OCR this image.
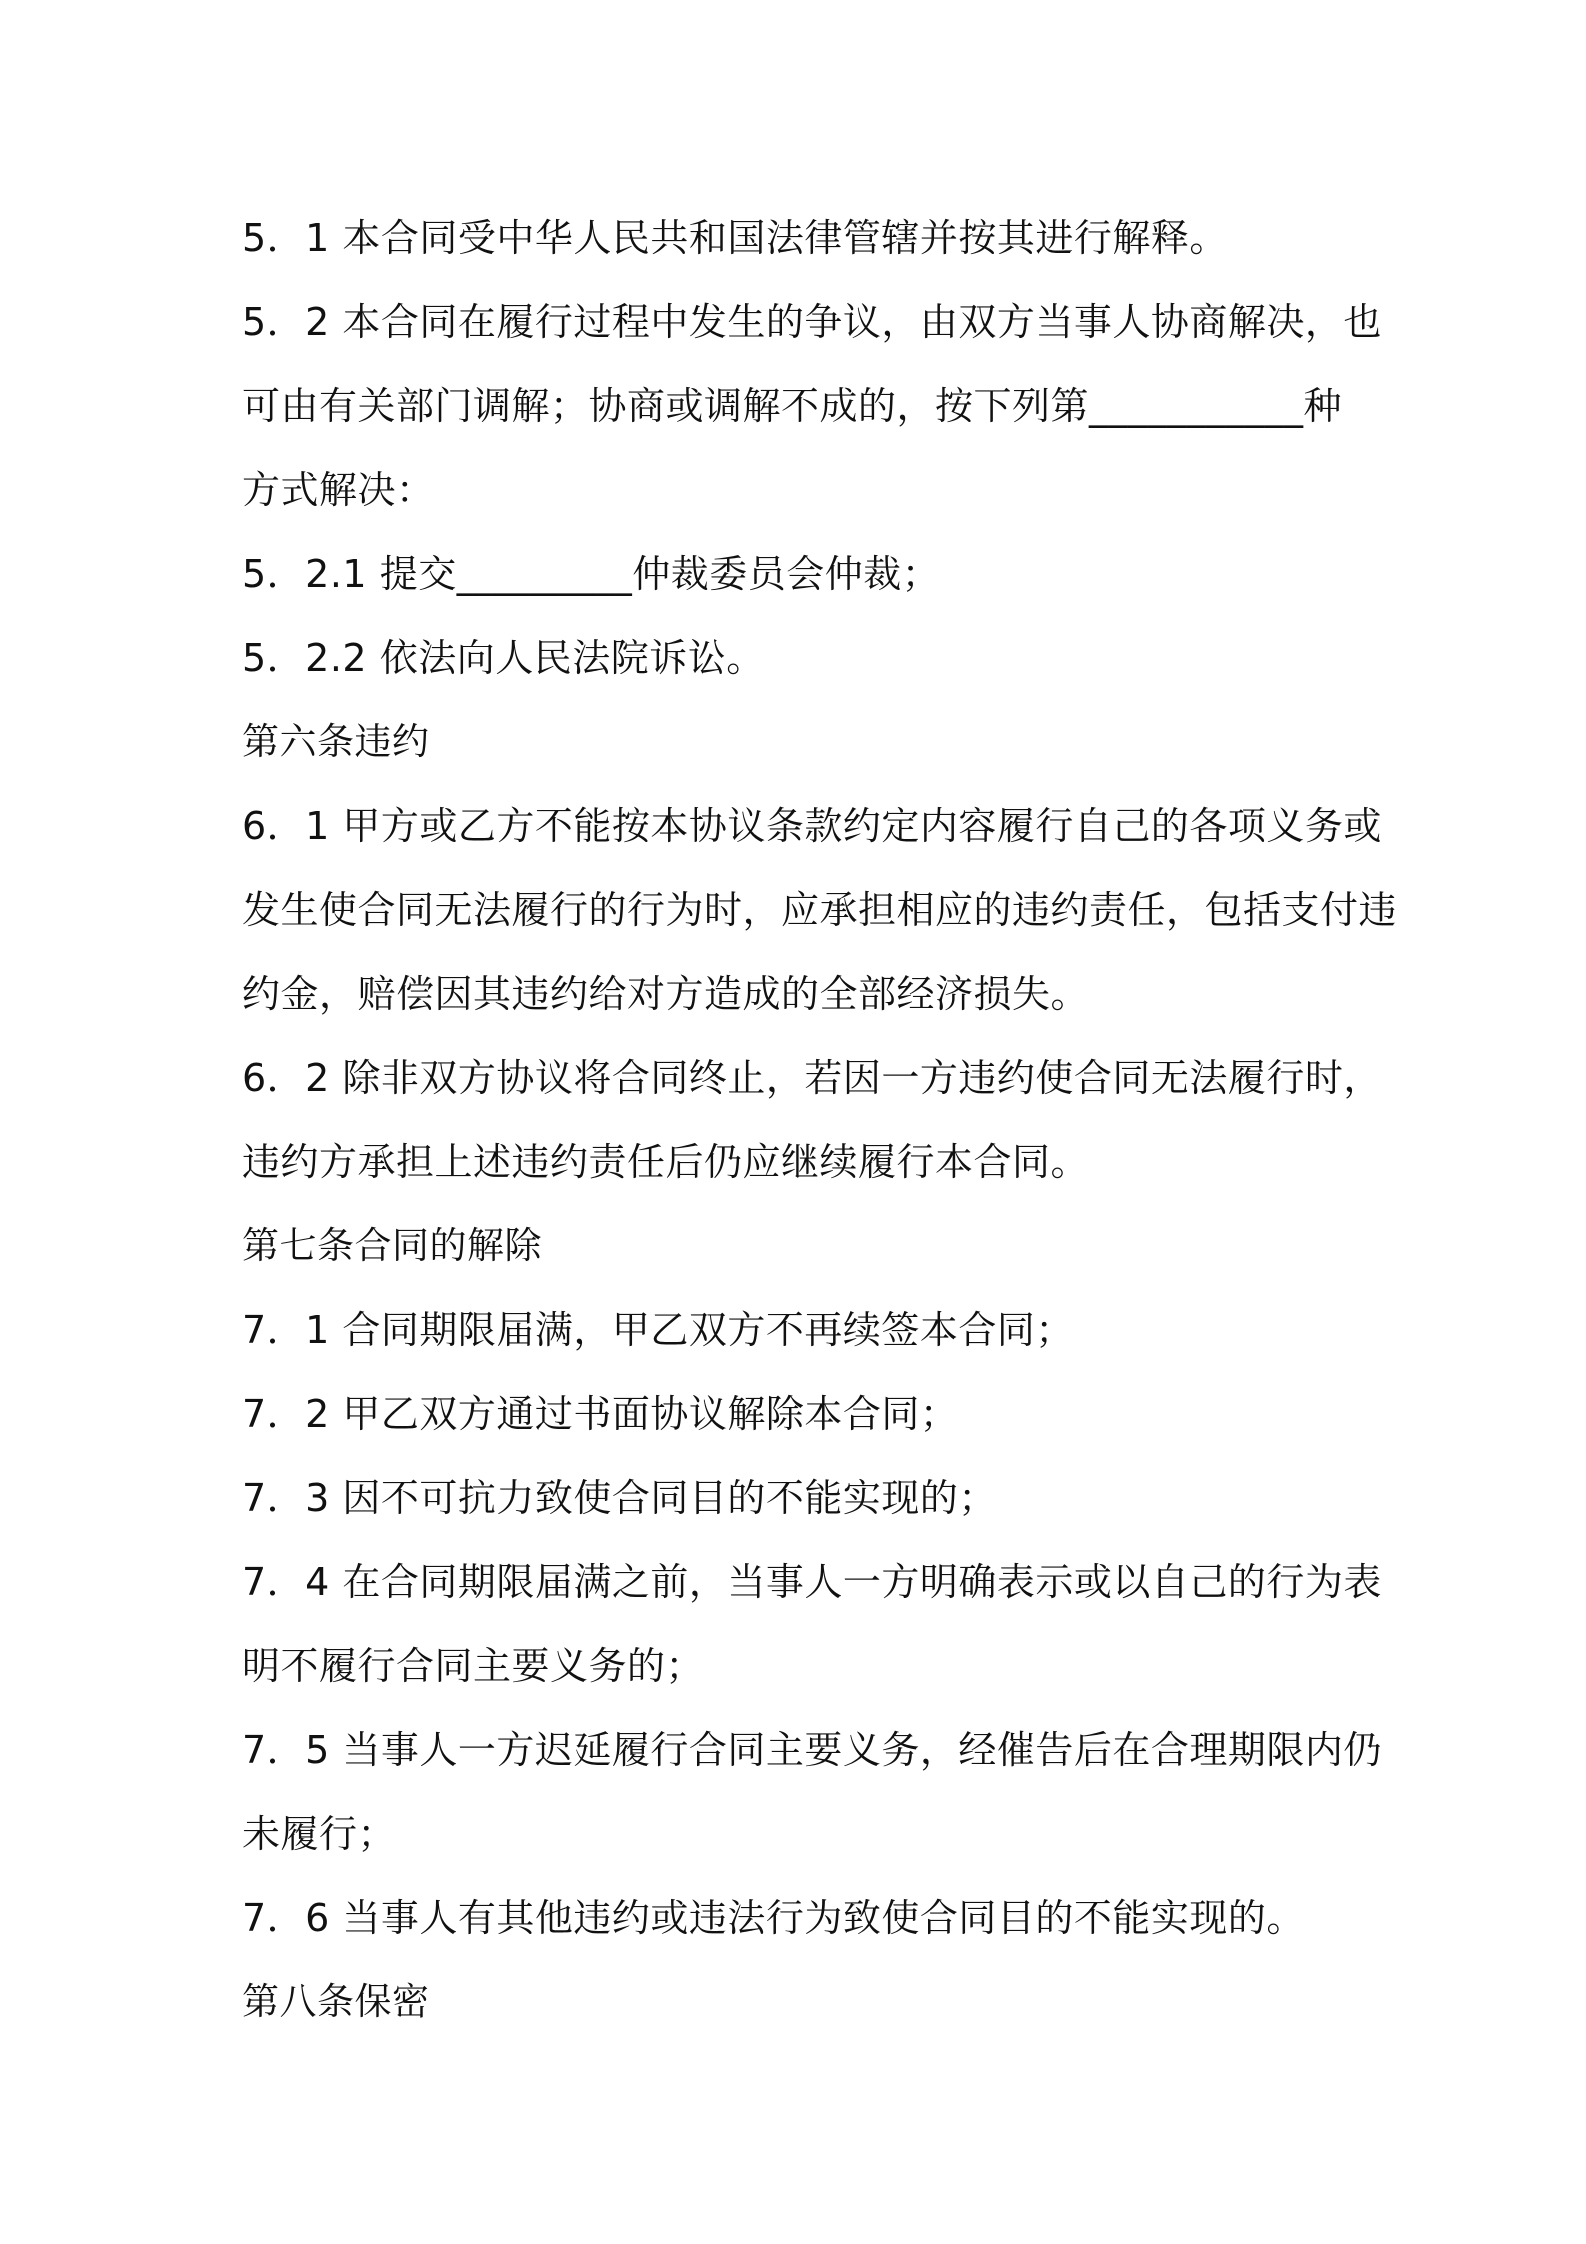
5．1 本合同受中华人民共和国法律管辖并按其进行解释。
5．2 本合同在履行过程中发生的争议，由双方当事人协商解决，也
可由有关部门调解；协商或调解不成的，按下列第___________种
方式解决：
5．2.1 提交_________仲裁委员会仲裁；
5．2.2 依法向人民法院诉讼。
第六条违约
6．1 甲方或乙方不能按本协议条款约定内容履行自己的各项义务或
发生使合同无法履行的行为时，应承担相应的违约责任，包括支付违
约金，赔偿因其违约给对方造成的全部经济损失。
6．2 除非双方协议将合同终止，若因一方违约使合同无法履行时，
违约方承担上述违约责任后仍应继续履行本合同。
第七条合同的解除
7．1 合同期限届满，甲乙双方不再续签本合同；
7．2 甲乙双方通过书面协议解除本合同；
7．3 因不可抗力致使合同目的不能实现的；
7．4 在合同期限届满之前，当事人一方明确表示或以自己的行为表
明不履行合同主要义务的；
7．5 当事人一方迟延履行合同主要义务，经催告后在合理期限内仍
未履行；
7．6 当事人有其他违约或违法行为致使合同目的不能实现的。
第八条保密
